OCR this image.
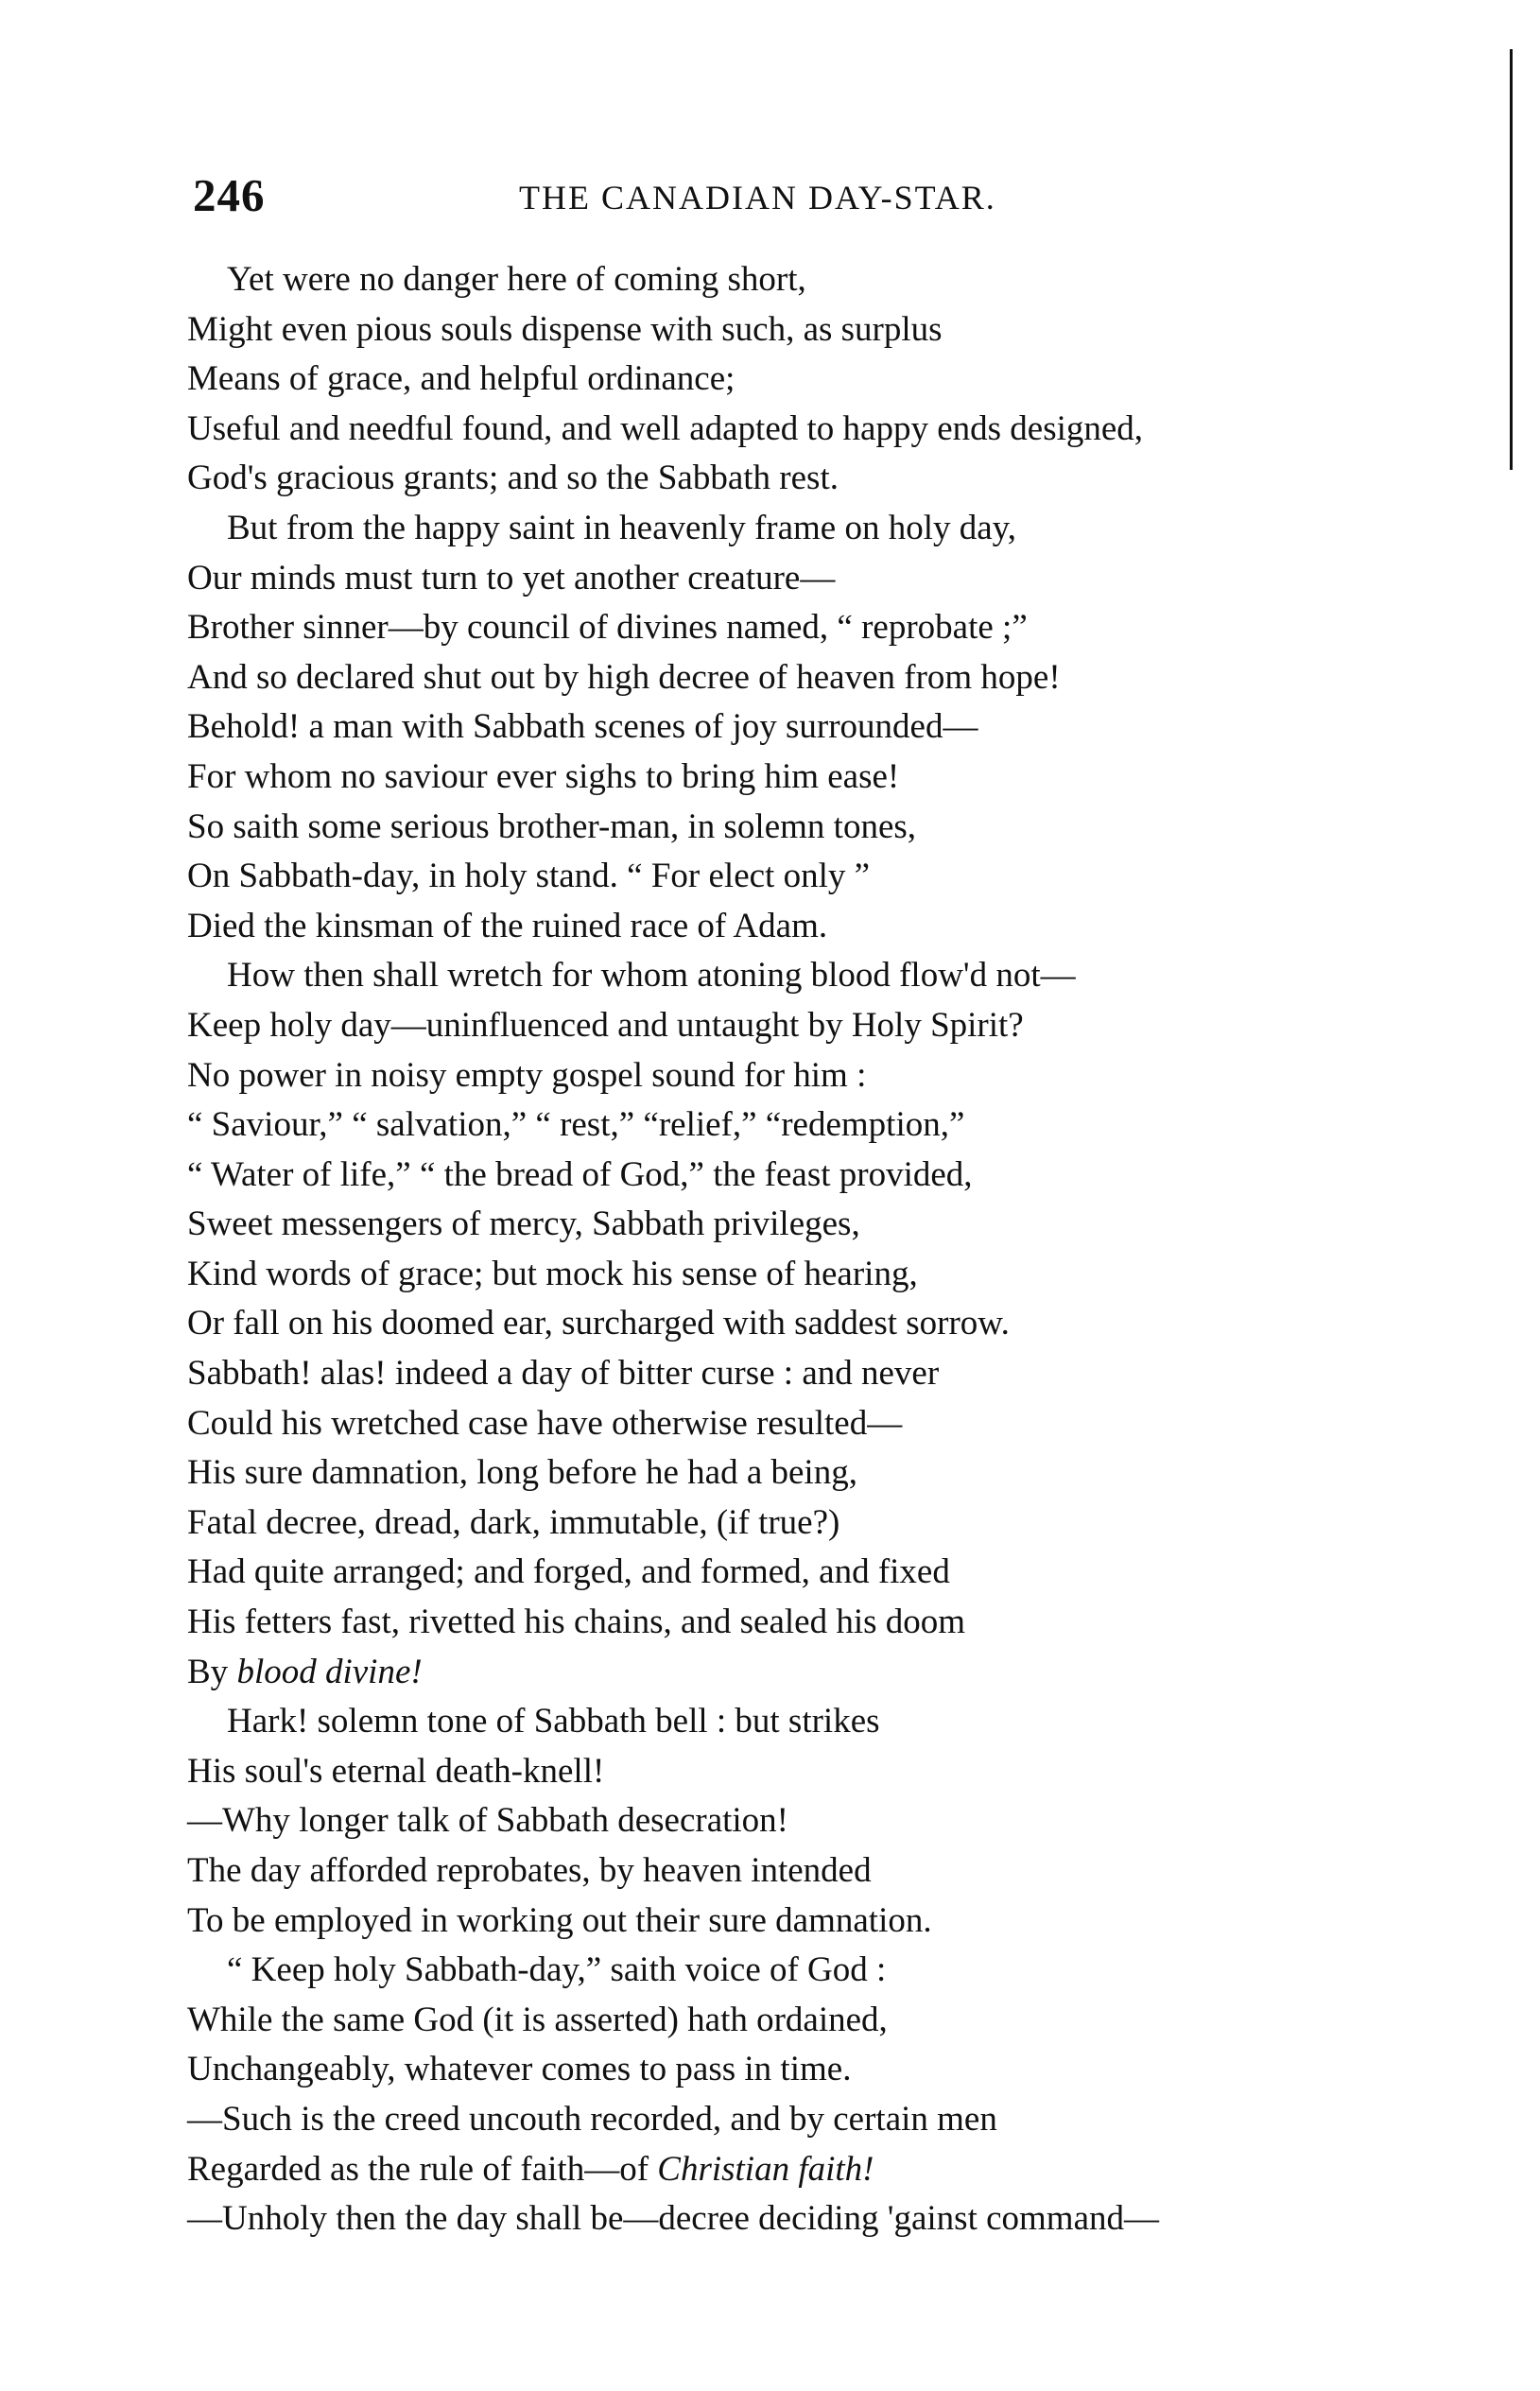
246	THE CANADIAN DAY-STAR.
Yet were no danger here of coming short,
Might even pious souls dispense with such, as surplus
Means of grace, and helpful ordinance;
Useful and needful found, and well adapted to happy ends designed,
God's gracious grants; and so the Sabbath rest.
But from the happy saint in heavenly frame on holy day,
Our minds must turn to yet another creature—
Brother sinner—by council of divines named, “ reprobate ;”
And so declared shut out by high decree of heaven from hope!
Behold! a man with Sabbath scenes of joy surrounded—
For whom no saviour ever sighs to bring him ease!
So saith some serious brother-man, in solemn tones,
On Sabbath-day, in holy stand. “ For elect only ”
Died the kinsman of the ruined race of Adam.
How then shall wretch for whom atoning blood flow'd not—
Keep holy day—uninfluenced and untaught by Holy Spirit?
No power in noisy empty gospel sound for him :
“ Saviour,” “ salvation,” “ rest,” “relief,” “redemption,”
“ Water of life,” “ the bread of God,” the feast provided,
Sweet messengers of mercy, Sabbath privileges,
Kind words of grace; but mock his sense of hearing,
Or fall on his doomed ear, surcharged with saddest sorrow.
Sabbath! alas! indeed a day of bitter curse : and never
Could his wretched case have otherwise resulted—
His sure damnation, long before he had a being,
Fatal decree, dread, dark, immutable, (if true?)
Had quite arranged; and forged, and formed, and fixed
His fetters fast, rivetted his chains, and sealed his doom
By blood divine!
Hark! solemn tone of Sabbath bell : but strikes
His soul's eternal death-knell!
—Why longer talk of Sabbath desecration!
The day afforded reprobates, by heaven intended
To be employed in working out their sure damnation.
“ Keep holy Sabbath-day,” saith voice of God :
While the same God (it is asserted) hath ordained,
Unchangeably, whatever comes to pass in time.
—Such is the creed uncouth recorded, and by certain men
Regarded as the rule of faith—of Christian faith!
—Unholy then the day shall be—decree deciding 'gainst command—
